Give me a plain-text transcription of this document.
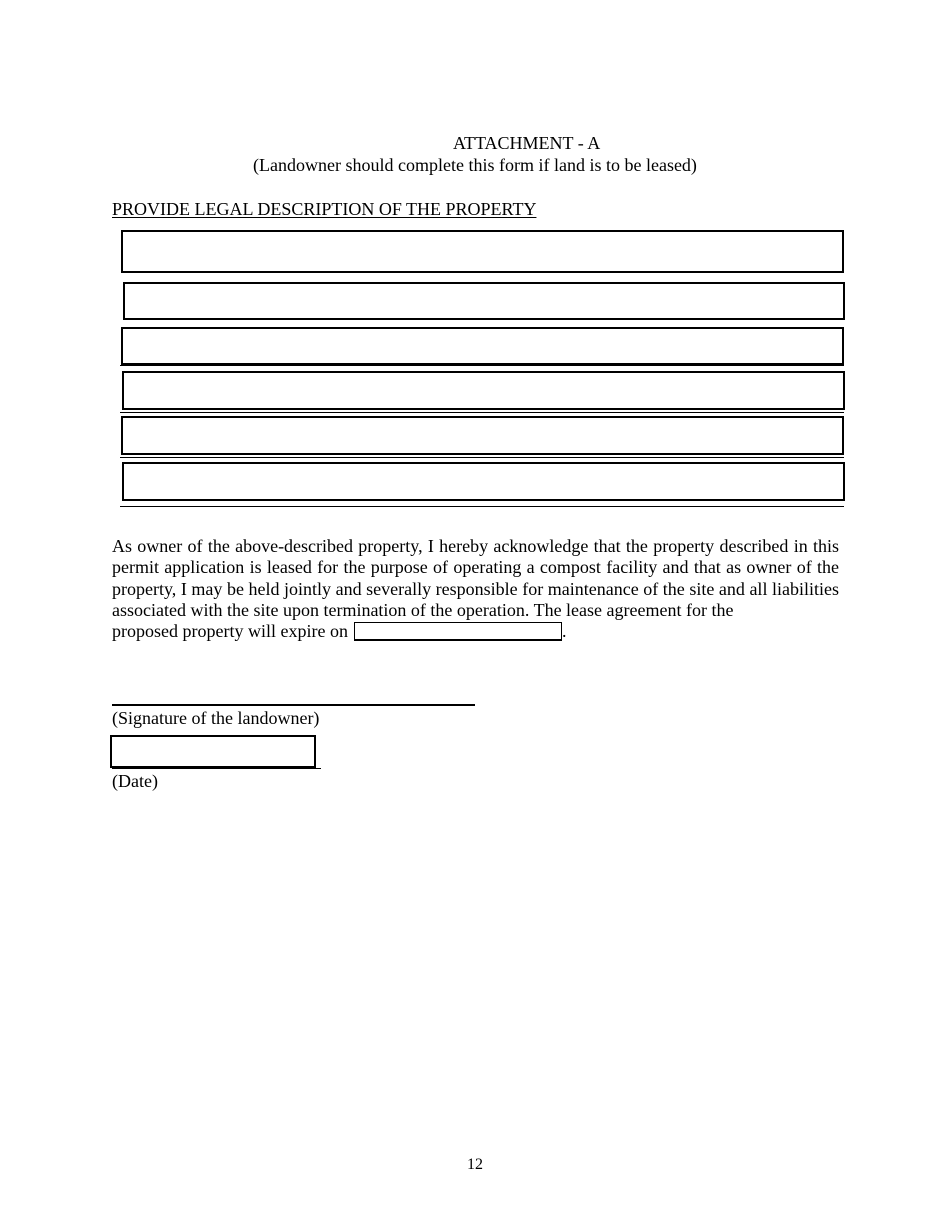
ATTACHMENT - A
(Landowner should complete this form if land is to be leased)
PROVIDE LEGAL DESCRIPTION OF THE PROPERTY
As owner of the above-described property, I hereby acknowledge that the property described in this permit application is leased for the purpose of operating a compost facility and that as owner of the property, I may be held jointly and severally responsible for maintenance of the site and all liabilities associated with the site upon termination of the operation. The lease agreement for the
proposed property will expire on	.
(Signature of the landowner)
(Date)
12
